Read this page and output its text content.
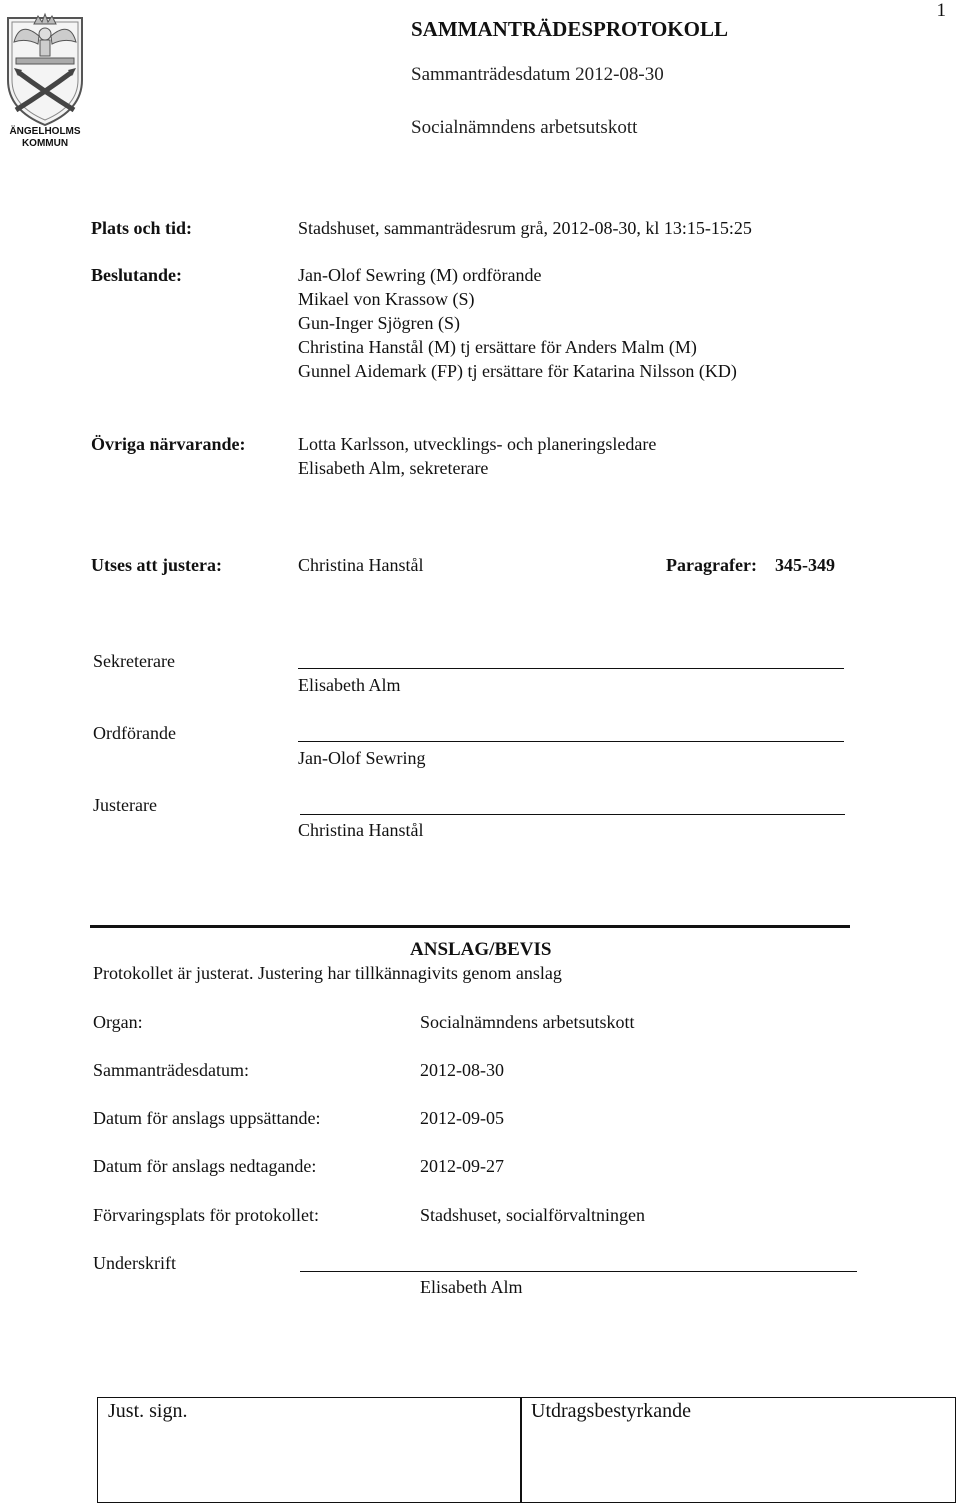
1
ÄNGELHOLMS
KOMMUN
SAMMANTRÄDESPROTOKOLL
Sammanträdesdatum 2012-08-30
Socialnämndens arbetsutskott
Plats och tid:	Stadshuset, sammanträdesrum grå, 2012-08-30, kl 13:15-15:25
Beslutande:	Jan-Olof Sewring (M) ordförande
Mikael von Krassow (S)
Gun-Inger Sjögren (S)
Christina Hanstål (M) tj ersättare för Anders Malm (M)
Gunnel Aidemark (FP) tj ersättare för Katarina Nilsson (KD)
Övriga närvarande:	Lotta Karlsson, utvecklings- och planeringsledare
Elisabeth Alm, sekreterare
Utses att justera:	Christina Hanstål	Paragrafer: 345-349
Sekreterare
Elisabeth Alm
Ordförande
Jan-Olof Sewring
Justerare
Christina Hanstål
ANSLAG/BEVIS
Protokollet är justerat. Justering har tillkännagivits genom anslag
Organ:	Socialnämndens arbetsutskott
Sammanträdesdatum:	2012-08-30
Datum för anslags uppsättande:	2012-09-05
Datum för anslags nedtagande:	2012-09-27
Förvaringsplats för protokollet:	Stadshuset, socialförvaltningen
Underskrift
Elisabeth Alm
Just. sign.	Utdragsbestyrkande
